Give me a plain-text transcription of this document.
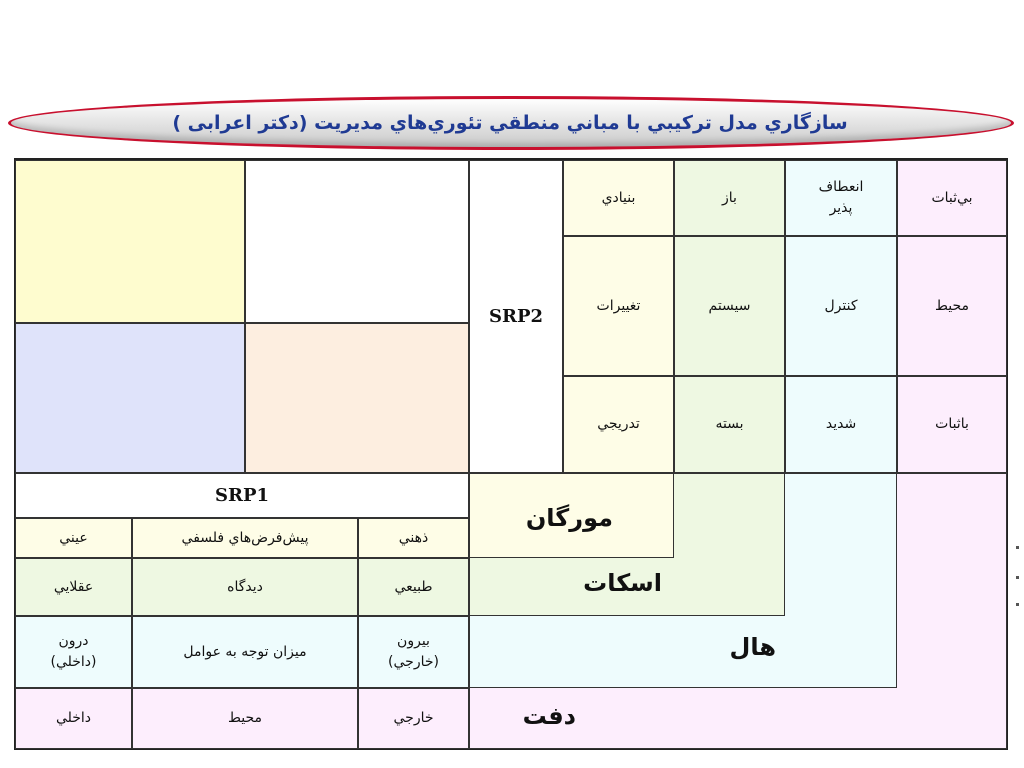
سازگاري مدل تركيبي با مباني منطقي تئوري‌هاي مديريت (دکتر اعرابی )
SRP2
بي‌ثبات
انعطاف پذير
باز
بنيادي
محيط
کنترل
سيستم
تغييرات
باثبات
شديد
بسته
تدريجي
دفت
هال
اسكات
مورگان
SRP1
ذهني
پيش‌فرض‌هاي فلسفي
عيني
طبيعي
ديدگاه
عقلايي
بيرون (خارجي)
ميزان توجه به عوامل
درون (داخلي)
خارجي
محيط
داخلي
